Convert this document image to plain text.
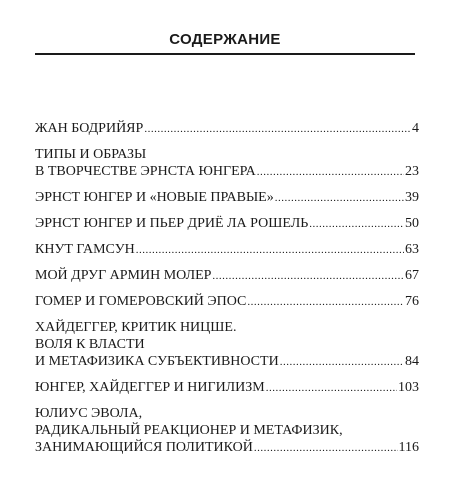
СОДЕРЖАНИЕ
ЖАН БОДРИЙЯР .....	4
ТИПЫ И ОБРАЗЫ
В ТВОРЧЕСТВЕ ЭРНСТА ЮНГЕРА .....	23
ЭРНСТ ЮНГЕР И «НОВЫЕ ПРАВЫЕ» .....	39
ЭРНСТ ЮНГЕР И ПЬЕР ДРИЁ ЛА РОШЕЛЬ .....	50
КНУТ ГАМСУН .....	63
МОЙ ДРУГ АРМИН МОЛЕР .....	67
ГОМЕР И ГОМЕРОВСКИЙ ЭПОС .....	76
ХАЙДЕГГЕР, КРИТИК НИЦШЕ.
ВОЛЯ К ВЛАСТИ
И МЕТАФИЗИКА СУБЪЕКТИВНОСТИ .....	84
ЮНГЕР, ХАЙДЕГГЕР И НИГИЛИЗМ .....	103
ЮЛИУС ЭВОЛА,
РАДИКАЛЬНЫЙ РЕАКЦИОНЕР И МЕТАФИЗИК,
ЗАНИМАЮЩИЙСЯ ПОЛИТИКОЙ .....	116
